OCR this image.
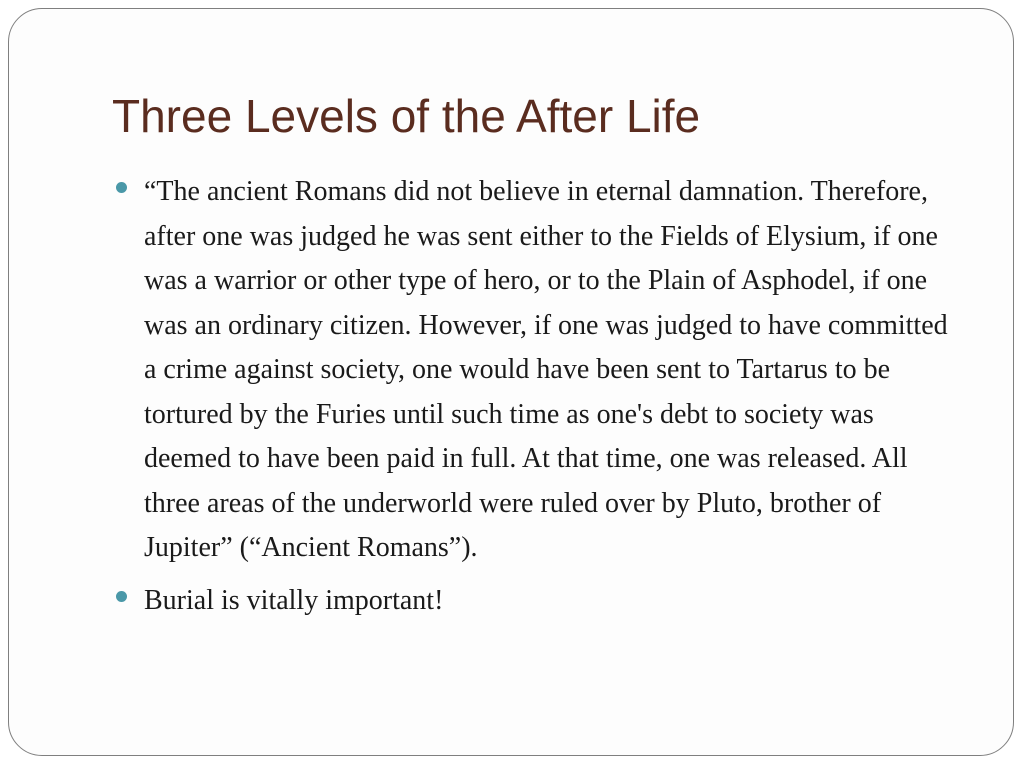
Three Levels of the After Life
“The ancient Romans did not believe in eternal damnation. Therefore, after one was judged he was sent either to the Fields of Elysium, if one was a warrior or other type of hero, or to the Plain of Asphodel, if one was an ordinary citizen. However, if one was judged to have committed a crime against society, one would have been sent to Tartarus to be tortured by the Furies until such time as one's debt to society was deemed to have been paid in full. At that time, one was released. All three areas of the underworld were ruled over by Pluto, brother of Jupiter” (“Ancient Romans”).
Burial is vitally important!
